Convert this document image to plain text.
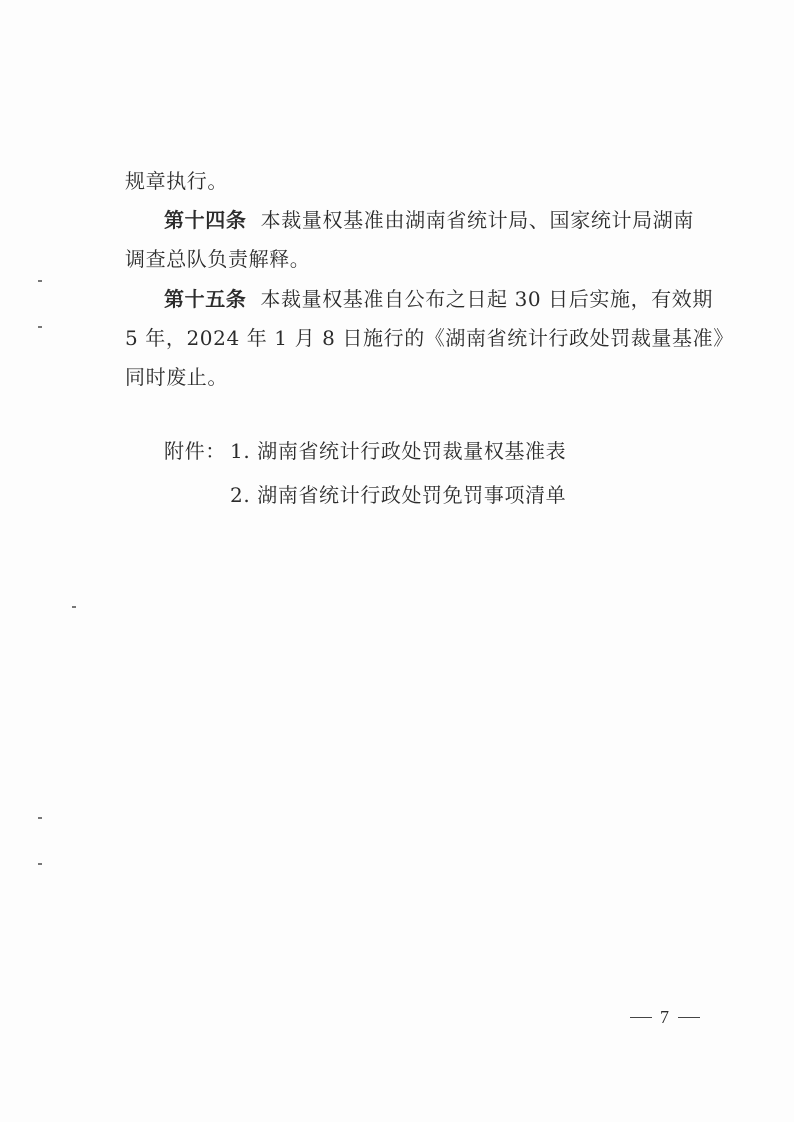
规章执行。
第十四条 本裁量权基准由湖南省统计局、国家统计局湖南
调查总队负责解释。
第十五条 本裁量权基准自公布之日起 30 日后实施，有效期
5 年，2024 年 1 月 8 日施行的《湖南省统计行政处罚裁量基准》
同时废止。
附件： 1. 湖南省统计行政处罚裁量权基准表
2. 湖南省统计行政处罚免罚事项清单
7
